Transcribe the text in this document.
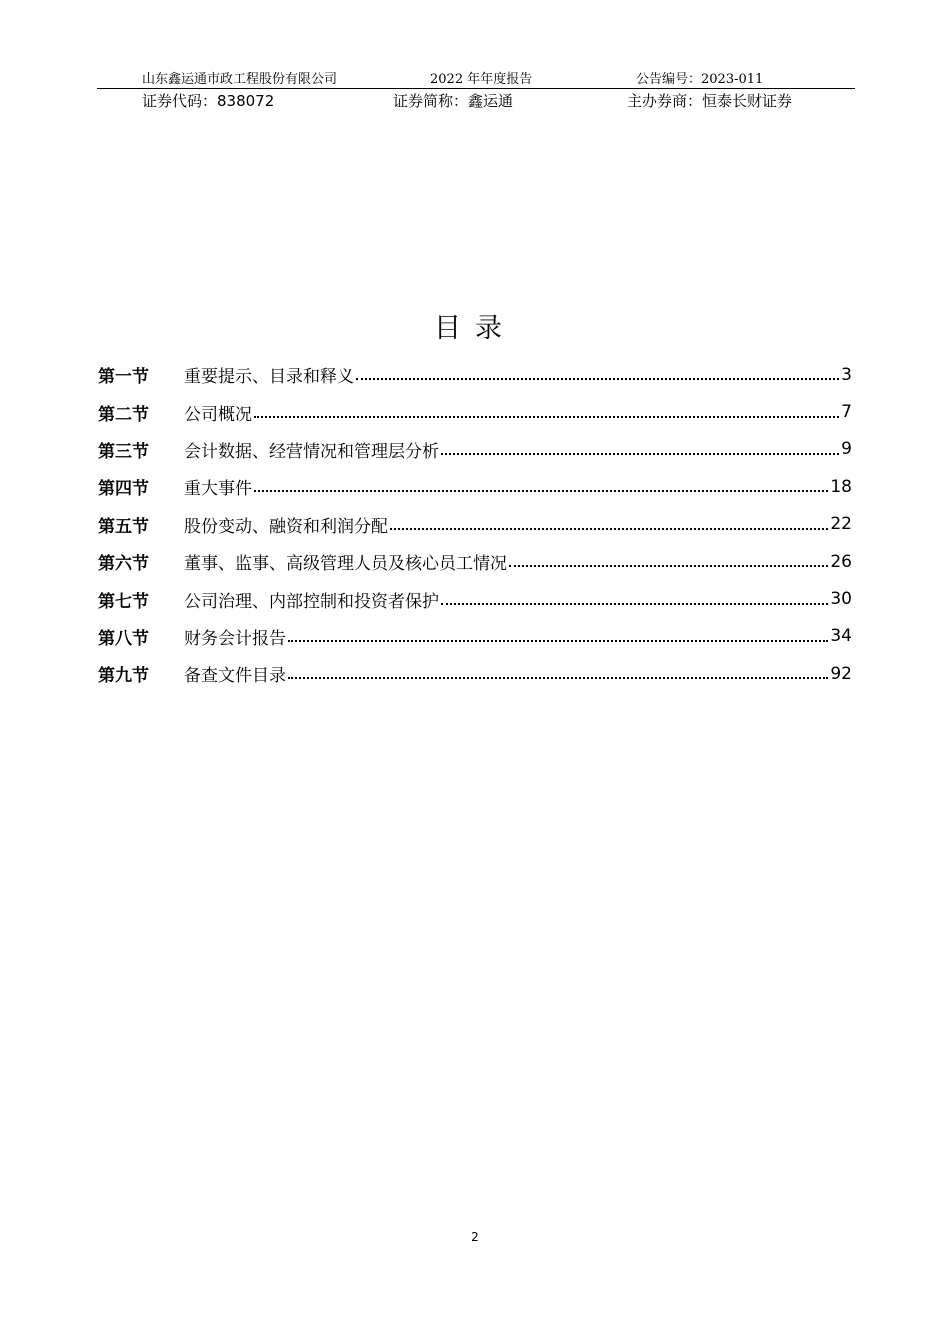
山东鑫运通市政工程股份有限公司	2022 年年度报告	公告编号：2023-011
证券代码：838072	证券简称：鑫运通	主办券商：恒泰长财证券
目录
第一节	重要提示、目录和释义	3
第二节	公司概况	7
第三节	会计数据、经营情况和管理层分析	9
第四节	重大事件	18
第五节	股份变动、融资和利润分配	22
第六节	董事、监事、高级管理人员及核心员工情况	26
第七节	公司治理、内部控制和投资者保护	30
第八节	财务会计报告	34
第九节	备查文件目录	92
2
